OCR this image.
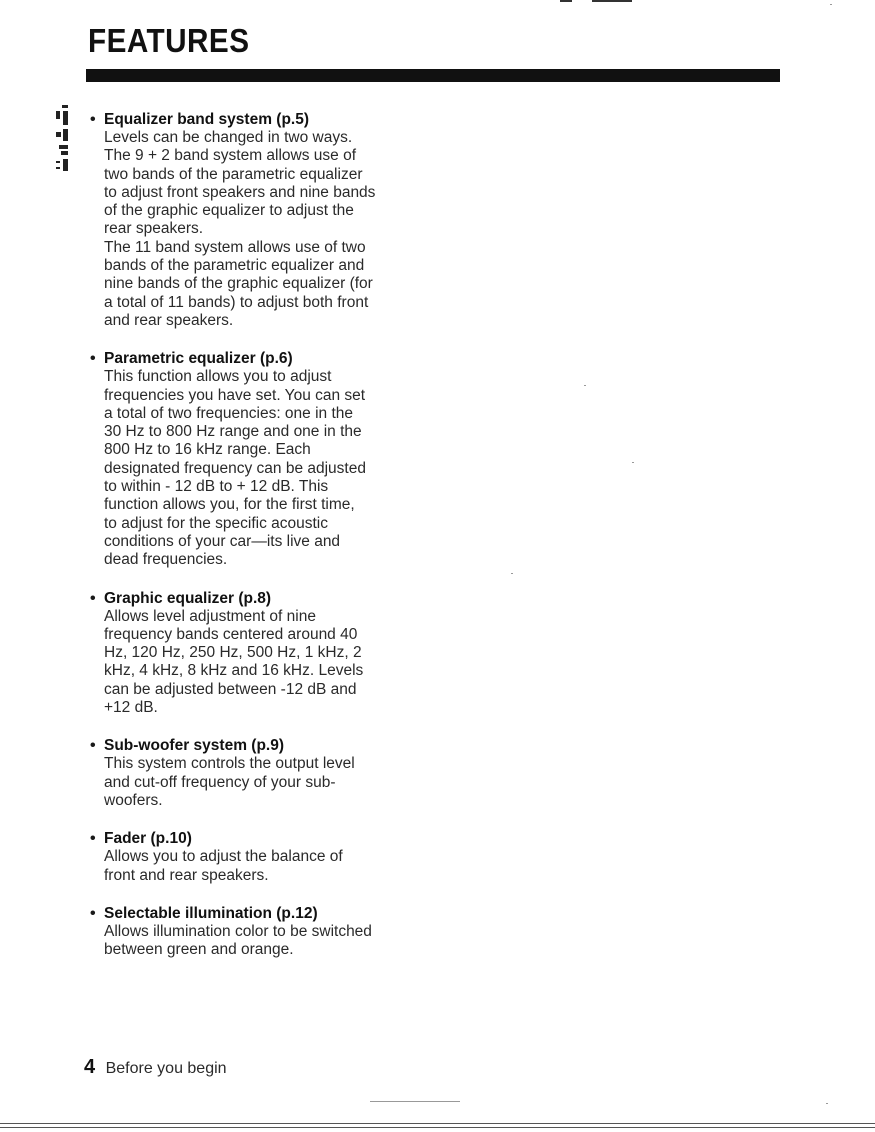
FEATURES
• Equalizer band system (p.5)
Levels can be changed in two ways.
The 9 + 2 band system allows use of
two bands of the parametric equalizer
to adjust front speakers and nine bands
of the graphic equalizer to adjust the
rear speakers.
The 11 band system allows use of two
bands of the parametric equalizer and
nine bands of the graphic equalizer (for
a total of 11 bands) to adjust both front
and rear speakers.
• Parametric equalizer (p.6)
This function allows you to adjust
frequencies you have set. You can set
a total of two frequencies: one in the
30 Hz to 800 Hz range and one in the
800 Hz to 16 kHz range. Each
designated frequency can be adjusted
to within - 12 dB to + 12 dB. This
function allows you, for the first time,
to adjust for the specific acoustic
conditions of your car—its live and
dead frequencies.
• Graphic equalizer (p.8)
Allows level adjustment of nine
frequency bands centered around 40
Hz, 120 Hz, 250 Hz, 500 Hz, 1 kHz, 2
kHz, 4 kHz, 8 kHz and 16 kHz. Levels
can be adjusted between -12 dB and
+12 dB.
• Sub-woofer system (p.9)
This system controls the output level
and cut-off frequency of your sub-
woofers.
• Fader (p.10)
Allows you to adjust the balance of
front and rear speakers.
• Selectable illumination (p.12)
Allows illumination color to be switched
between green and orange.
4 Before you begin
